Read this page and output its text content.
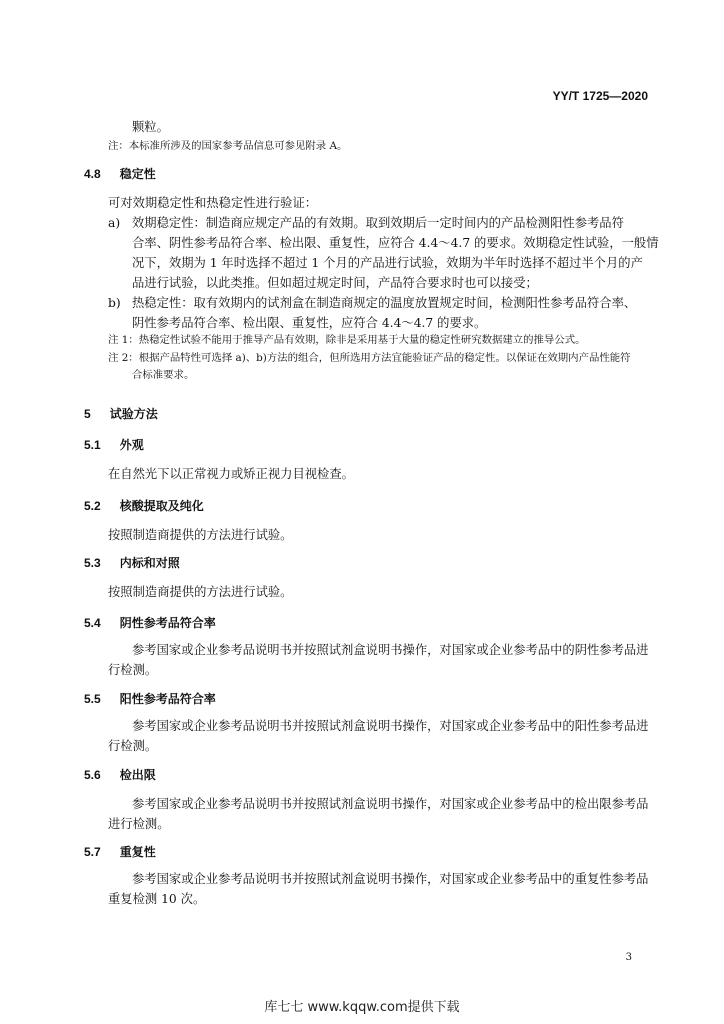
YY/T 1725—2020
颗粒。
注：本标准所涉及的国家参考品信息可参见附录 A。
4.8 稳定性
可对效期稳定性和热稳定性进行验证：
a) 效期稳定性：制造商应规定产品的有效期。取到效期后一定时间内的产品检测阳性参考品符
合率、阴性参考品符合率、检出限、重复性，应符合 4.4～4.7 的要求。效期稳定性试验，一般情
况下，效期为 1 年时选择不超过 1 个月的产品进行试验，效期为半年时选择不超过半个月的产
品进行试验，以此类推。但如超过规定时间，产品符合要求时也可以接受；
b) 热稳定性：取有效期内的试剂盒在制造商规定的温度放置规定时间，检测阳性参考品符合率、
阴性参考品符合率、检出限、重复性，应符合 4.4～4.7 的要求。
注 1：热稳定性试验不能用于推导产品有效期，除非是采用基于大量的稳定性研究数据建立的推导公式。
注 2：根据产品特性可选择 a)、b)方法的组合，但所选用方法宜能验证产品的稳定性。以保证在效期内产品性能符
合标准要求。
5 试验方法
5.1 外观
在自然光下以正常视力或矫正视力目视检查。
5.2 核酸提取及纯化
按照制造商提供的方法进行试验。
5.3 内标和对照
按照制造商提供的方法进行试验。
5.4 阴性参考品符合率
参考国家或企业参考品说明书并按照试剂盒说明书操作，对国家或企业参考品中的阴性参考品进
行检测。
5.5 阳性参考品符合率
参考国家或企业参考品说明书并按照试剂盒说明书操作，对国家或企业参考品中的阳性参考品进
行检测。
5.6 检出限
参考国家或企业参考品说明书并按照试剂盒说明书操作，对国家或企业参考品中的检出限参考品
进行检测。
5.7 重复性
参考国家或企业参考品说明书并按照试剂盒说明书操作，对国家或企业参考品中的重复性参考品
重复检测 10 次。
3
库七七 www.kqqw.com提供下载
